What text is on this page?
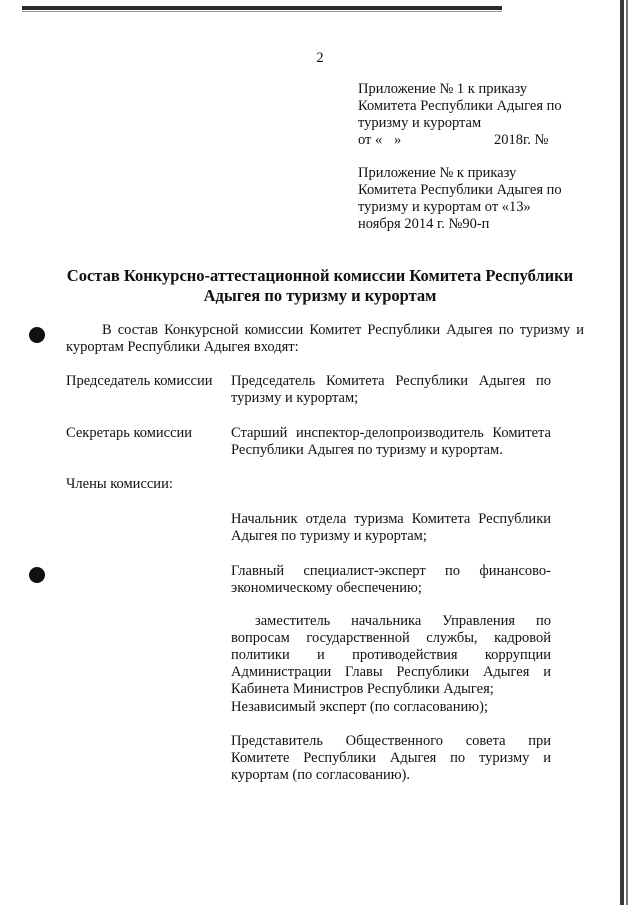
2
Приложение № 1 к приказу
Комитета Республики Адыгея по
туризму и курортам
от « »	2018г. №
Приложение № к приказу
Комитета Республики Адыгея по
туризму и курортам от «13»
ноября 2014 г. №90-п
Состав Конкурсно-аттестационной комиссии Комитета Республики
Адыгея по туризму и курортам
В состав Конкурсной комиссии Комитет Республики Адыгея по туризму и курортам Республики Адыгея входят:
Председатель комиссии Председатель Комитета Республики Адыгея по туризму и курортам;
Секретарь комиссии	Старший инспектор-делопроизводитель Комитета Республики Адыгея по туризму и курортам.
Члены комиссии:
Начальник отдела туризма Комитета Республики Адыгея по туризму и курортам;
Главный специалист-эксперт по финансово-экономическому обеспечению;
заместитель начальника Управления по вопросам государственной службы, кадровой политики и противодействия коррупции Администрации Главы Республики Адыгея и Кабинета Министров Республики Адыгея;
Независимый эксперт (по согласованию);
Представитель Общественного совета при Комитете Республики Адыгея по туризму и курортам (по согласованию).
